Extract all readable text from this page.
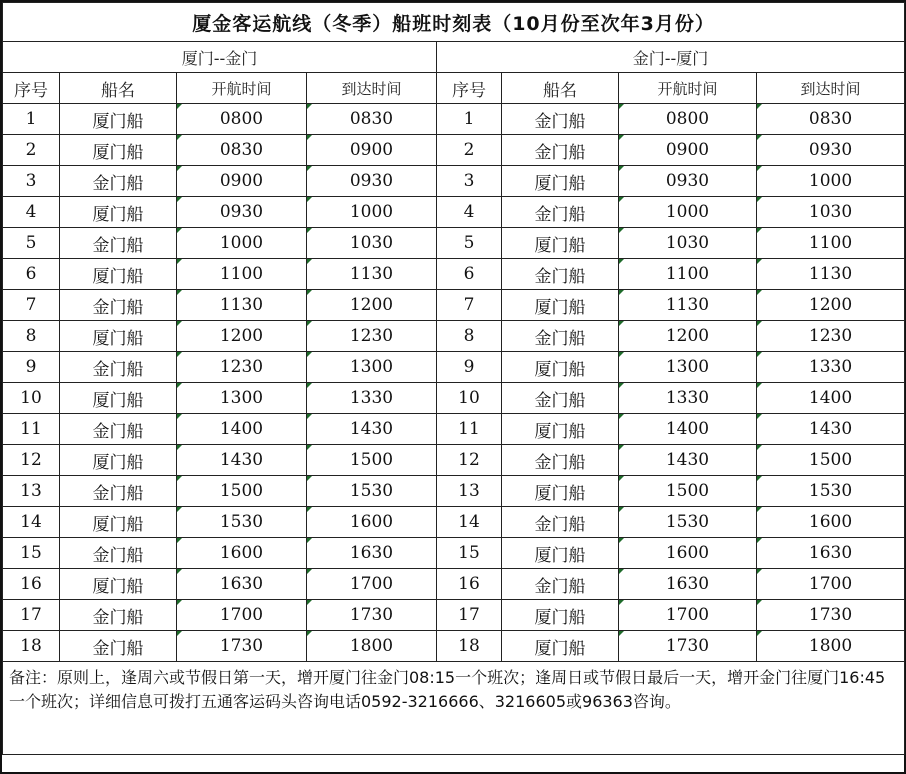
厦金客运航线（冬季）船班时刻表（10月份至次年3月份）							
厦门--金门				金门--厦门			
序号	船名	开航时间	到达时间	序号	船名	开航时间	到达时间
1	厦门船	0800	0830	1	金门船	0800	0830
2	厦门船	0830	0900	2	金门船	0900	0930
3	金门船	0900	0930	3	厦门船	0930	1000
4	厦门船	0930	1000	4	金门船	1000	1030
5	金门船	1000	1030	5	厦门船	1030	1100
6	厦门船	1100	1130	6	金门船	1100	1130
7	金门船	1130	1200	7	厦门船	1130	1200
8	厦门船	1200	1230	8	金门船	1200	1230
9	金门船	1230	1300	9	厦门船	1300	1330
10	厦门船	1300	1330	10	金门船	1330	1400
11	金门船	1400	1430	11	厦门船	1400	1430
12	厦门船	1430	1500	12	金门船	1430	1500
13	金门船	1500	1530	13	厦门船	1500	1530
14	厦门船	1530	1600	14	金门船	1530	1600
15	金门船	1600	1630	15	厦门船	1600	1630
16	厦门船	1630	1700	16	金门船	1630	1700
17	金门船	1700	1730	17	厦门船	1700	1730
18	金门船	1730	1800	18	厦门船	1730	1800
备注：原则上，逢周六或节假日第一天，增开厦门往金门08:15一个班次；逢周日或节假日最后一天，增开金门往厦门16:45一个班次；详细信息可拨打五通客运码头咨询电话0592-3216666、3216605或96363咨询。							
